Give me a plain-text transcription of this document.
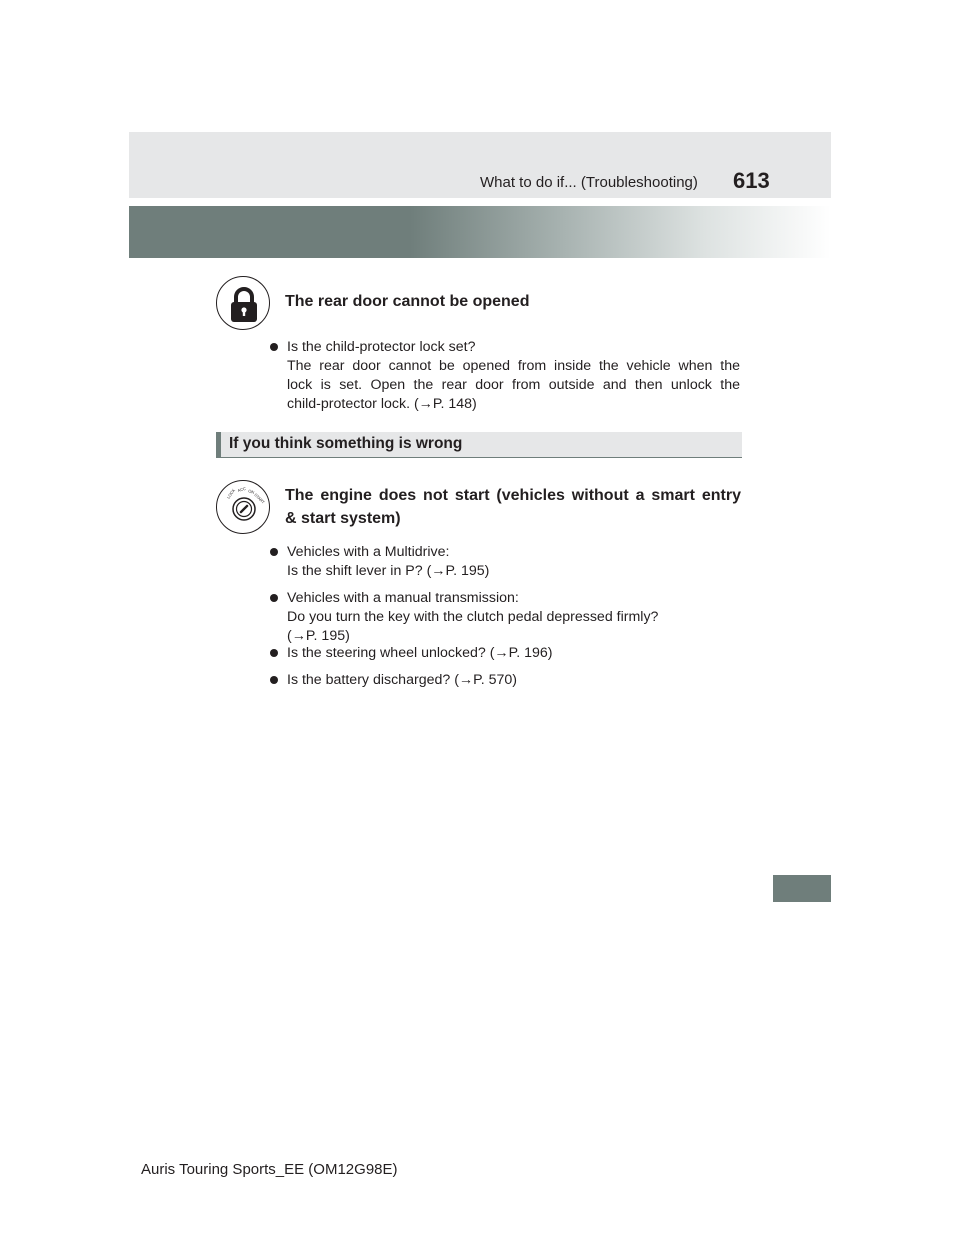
What to do if... (Troubleshooting) 613
The rear door cannot be opened
Is the child-protector lock set?
The rear door cannot be opened from inside the vehicle when the
lock is set. Open the rear door from outside and then unlock the
child-protector lock. (→P. 148)
If you think something is wrong
LOCK ACC ON
START The engine does not start (vehicles without a smart entry
& start system)
Vehicles with a Multidrive:
Is the shift lever in P? (→P. 195)
Vehicles with a manual transmission:
Do you turn the key with the clutch pedal depressed firmly?
(→P. 195)
Is the steering wheel unlocked? (→P. 196)
Is the battery discharged? (→P. 570)
Auris Touring Sports_EE (OM12G98E)
